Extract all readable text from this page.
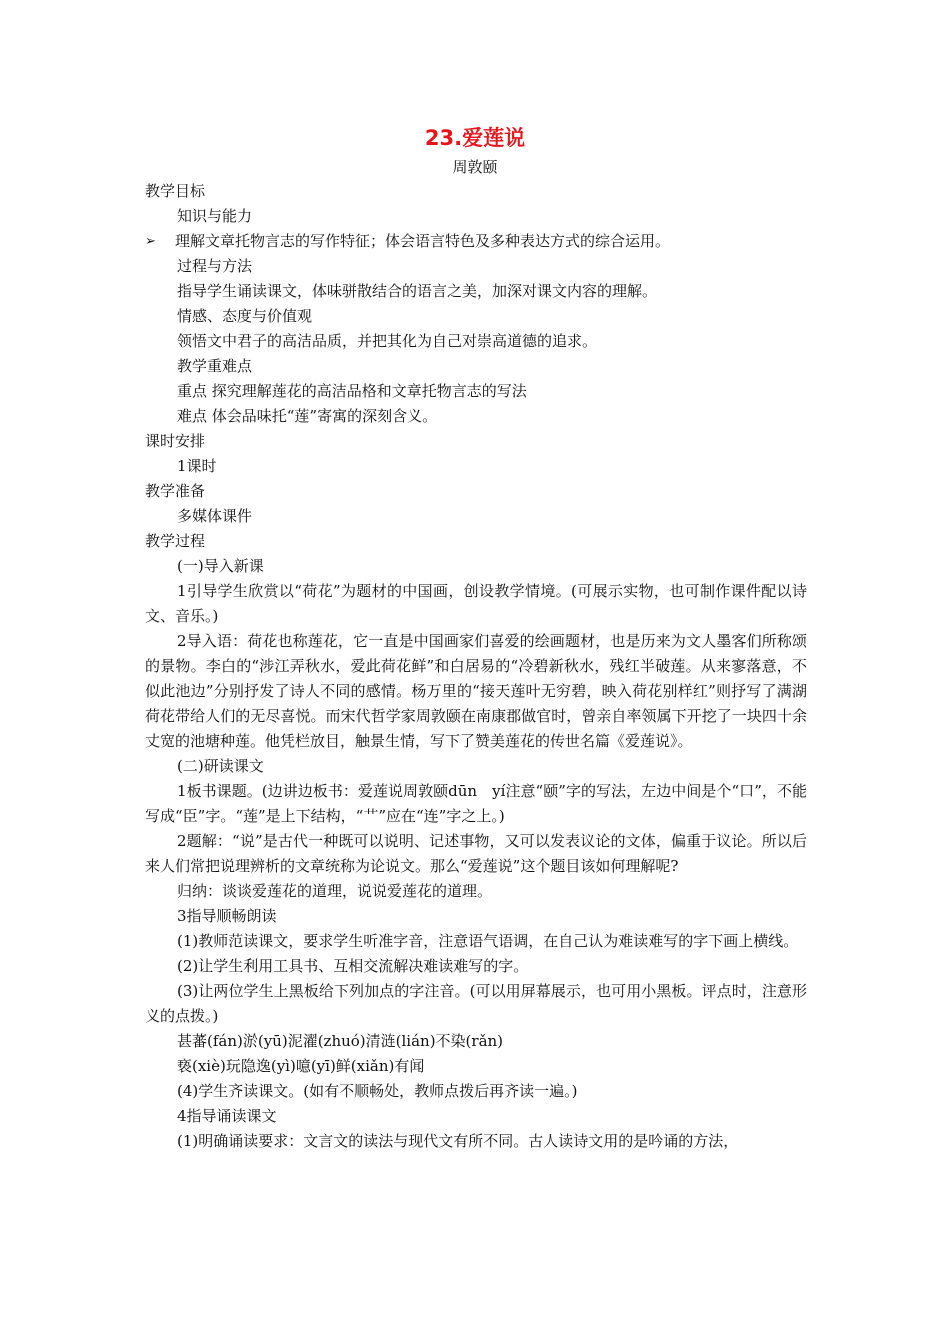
23.爱莲说
周敦颐

教学目标

知识与能力

➢ 理解文章托物言志的写作特征；体会语言特色及多种表达方式的综合运用。

过程与方法

指导学生诵读课文，体味骈散结合的语言之美，加深对课文内容的理解。

情感、态度与价值观

领悟文中君子的高洁品质，并把其化为自己对崇高道德的追求。

教学重难点

重点 探究理解莲花的高洁品格和文章托物言志的写法

难点 体会品味托“莲”寄寓的深刻含义。

课时安排

1课时

教学准备

多媒体课件

教学过程

(一)导入新课

1引导学生欣赏以“荷花”为题材的中国画，创设教学情境。(可展示实物，也可制作课件配以诗文、音乐。)

2导入语：荷花也称莲花，它一直是中国画家们喜爱的绘画题材，也是历来为文人墨客们所称颂的景物。李白的“涉江弄秋水，爱此荷花鲜”和白居易的“冷碧新秋水，残红半破莲。从来寥落意，不似此池边”分别抒发了诗人不同的感情。杨万里的“接天莲叶无穷碧，映入荷花别样红”则抒写了满湖荷花带给人们的无尽喜悦。而宋代哲学家周敦颐在南康郡做官时，曾亲自率领属下开挖了一块四十余丈宽的池塘种莲。他凭栏放目，触景生情，写下了赞美莲花的传世名篇《爱莲说》。

(二)研读课文

1板书课题。(边讲边板书：爱莲说周敦颐dūn　yí注意“颐”字的写法，左边中间是个“口”，不能写成“臣”字。“莲”是上下结构，“艹”应在“连”字之上。)

2题解：“说”是古代一种既可以说明、记述事物，又可以发表议论的文体，偏重于议论。所以后来人们常把说理辨析的文章统称为论说文。那么“爱莲说”这个题目该如何理解呢?

归纳：谈谈爱莲花的道理，说说爱莲花的道理。

3指导顺畅朗读

(1)教师范读课文，要求学生听准字音，注意语气语调，在自己认为难读难写的字下画上横线。

(2)让学生利用工具书、互相交流解决难读难写的字。

(3)让两位学生上黑板给下列加点的字注音。(可以用屏幕展示，也可用小黑板。评点时，注意形义的点拨。)

甚蕃(fán)淤(yū)泥濯(zhuó)清涟(lián)不染(rǎn)

亵(xiè)玩隐逸(yì)噫(yī)鲜(xiǎn)有闻

(4)学生齐读课文。(如有不顺畅处，教师点拨后再齐读一遍。)

4指导诵读课文

(1)明确诵读要求：文言文的读法与现代文有所不同。古人读诗文用的是吟诵的方法，
